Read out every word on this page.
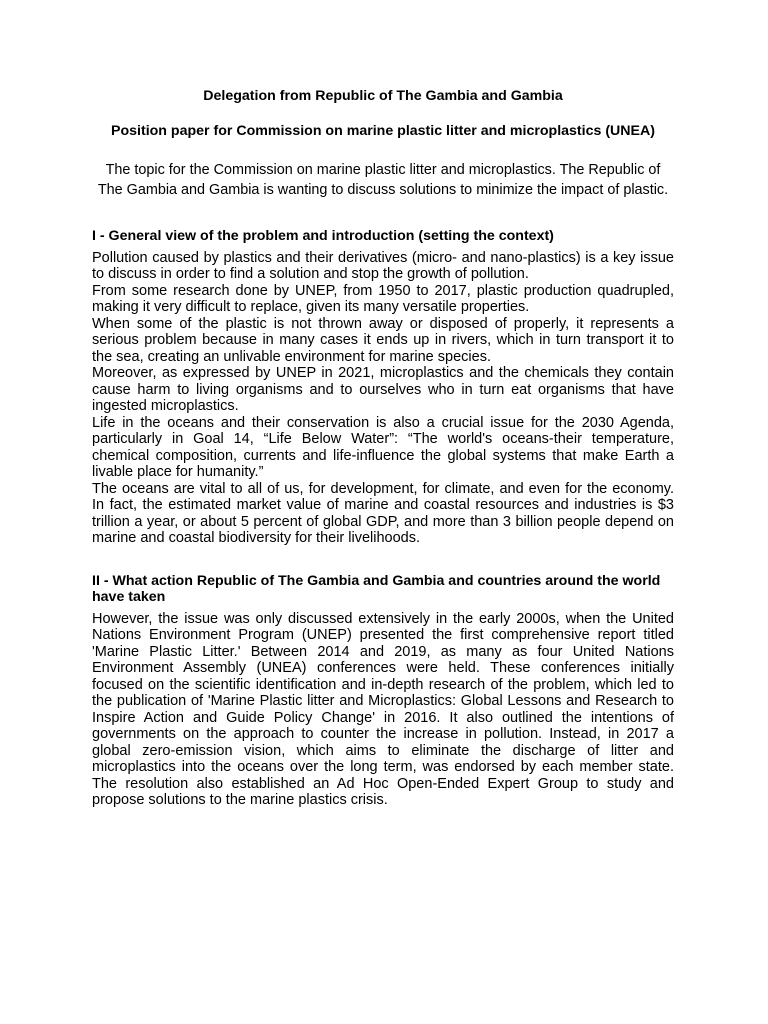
Delegation from Republic of The Gambia and Gambia

Position paper for Commission on marine plastic litter and microplastics (UNEA)

The topic for the Commission on marine plastic litter and microplastics. The Republic of The Gambia and Gambia is wanting to discuss solutions to minimize the impact of plastic.

I - General view of the problem and introduction (setting the context)

Pollution caused by plastics and their derivatives (micro- and nano-plastics) is a key issue to discuss in order to find a solution and stop the growth of pollution.

From some research done by UNEP, from 1950 to 2017, plastic production quadrupled, making it very difficult to replace, given its many versatile properties.

When some of the plastic is not thrown away or disposed of properly, it represents a serious problem because in many cases it ends up in rivers, which in turn transport it to the sea, creating an unlivable environment for marine species.

Moreover, as expressed by UNEP in 2021, microplastics and the chemicals they contain cause harm to living organisms and to ourselves who in turn eat organisms that have ingested microplastics.

Life in the oceans and their conservation is also a crucial issue for the 2030 Agenda, particularly in Goal 14, “Life Below Water”: “The world's oceans-their temperature, chemical composition, currents and life-influence the global systems that make Earth a livable place for humanity.”

The oceans are vital to all of us, for development, for climate, and even for the economy. In fact, the estimated market value of marine and coastal resources and industries is $3 trillion a year, or about 5 percent of global GDP, and more than 3 billion people depend on marine and coastal biodiversity for their livelihoods.

II - What action Republic of The Gambia and Gambia and countries around the world have taken

However, the issue was only discussed extensively in the early 2000s, when the United Nations Environment Program (UNEP) presented the first comprehensive report titled 'Marine Plastic Litter.' Between 2014 and 2019, as many as four United Nations Environment Assembly (UNEA) conferences were held. These conferences initially focused on the scientific identification and in-depth research of the problem, which led to the publication of 'Marine Plastic litter and Microplastics: Global Lessons and Research to Inspire Action and Guide Policy Change' in 2016. It also outlined the intentions of governments on the approach to counter the increase in pollution. Instead, in 2017 a global zero-emission vision, which aims to eliminate the discharge of litter and microplastics into the oceans over the long term, was endorsed by each member state. The resolution also established an Ad Hoc Open-Ended Expert Group to study and propose solutions to the marine plastics crisis.
